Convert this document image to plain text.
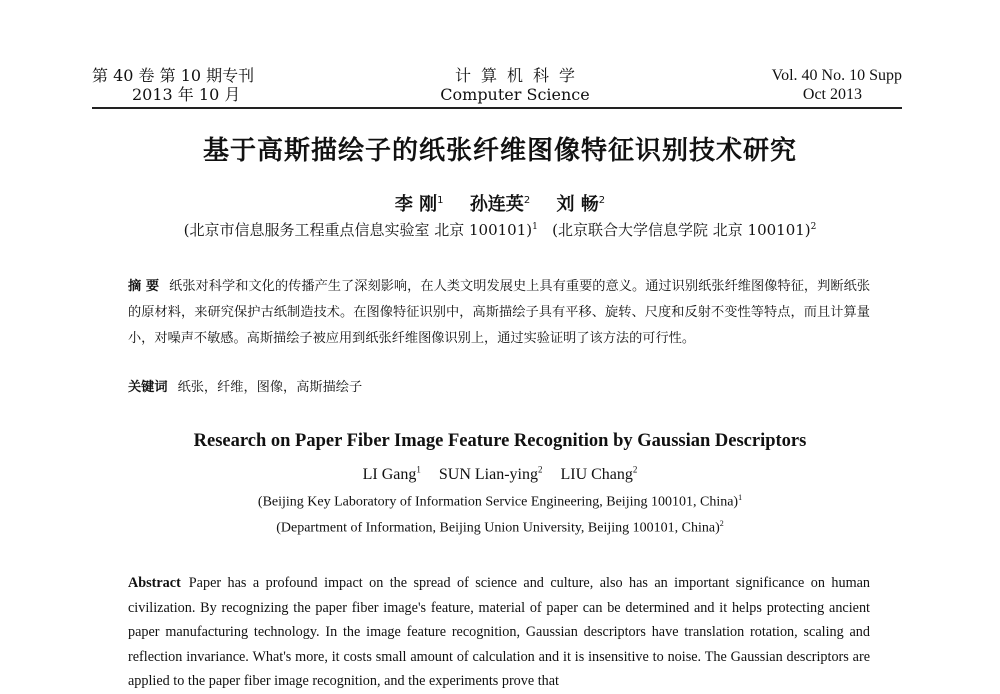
第 40 卷 第 10 期专刊
2013 年 10 月
计算机科学
Computer Science
Vol. 40 No. 10 Supp
Oct 2013
基于高斯描绘子的纸张纤维图像特征识别技术研究
李 刚$^1$ 孙连英$^2$ 刘 畅$^2$
(北京市信息服务工程重点信息实验室 北京 100101)$^1$ (北京联合大学信息学院 北京 100101)$^2$
摘 要 纸张对科学和文化的传播产生了深刻影响，在人类文明发展史上具有重要的意义。通过识别纸张纤维图像特征，判断纸张的原材料，来研究保护古纸制造技术。在图像特征识别中，高斯描绘子具有平移、旋转、尺度和反射不变性等特点，而且计算量小，对噪声不敏感。高斯描绘子被应用到纸张纤维图像识别上，通过实验证明了该方法的可行性。
关键词 纸张，纤维，图像，高斯描绘子
Research on Paper Fiber Image Feature Recognition by Gaussian Descriptors
LI Gang$^1$ SUN Lian-ying$^2$ LIU Chang$^2$
(Beijing Key Laboratory of Information Service Engineering, Beijing 100101, China)$^1$
(Department of Information, Beijing Union University, Beijing 100101, China)$^2$
Abstract Paper has a profound impact on the spread of science and culture, also has an important significance on human civilization. By recognizing the paper fiber image's feature, material of paper can be determined and it helps protecting ancient paper manufacturing technology. In the image feature recognition, Gaussian descriptors have translation rotation, scaling and reflection invariance. What's more, it costs small amount of calculation and it is insensitive to noise. The Gaussian descriptors are applied to the paper fiber image recognition, and the experiments prove that
